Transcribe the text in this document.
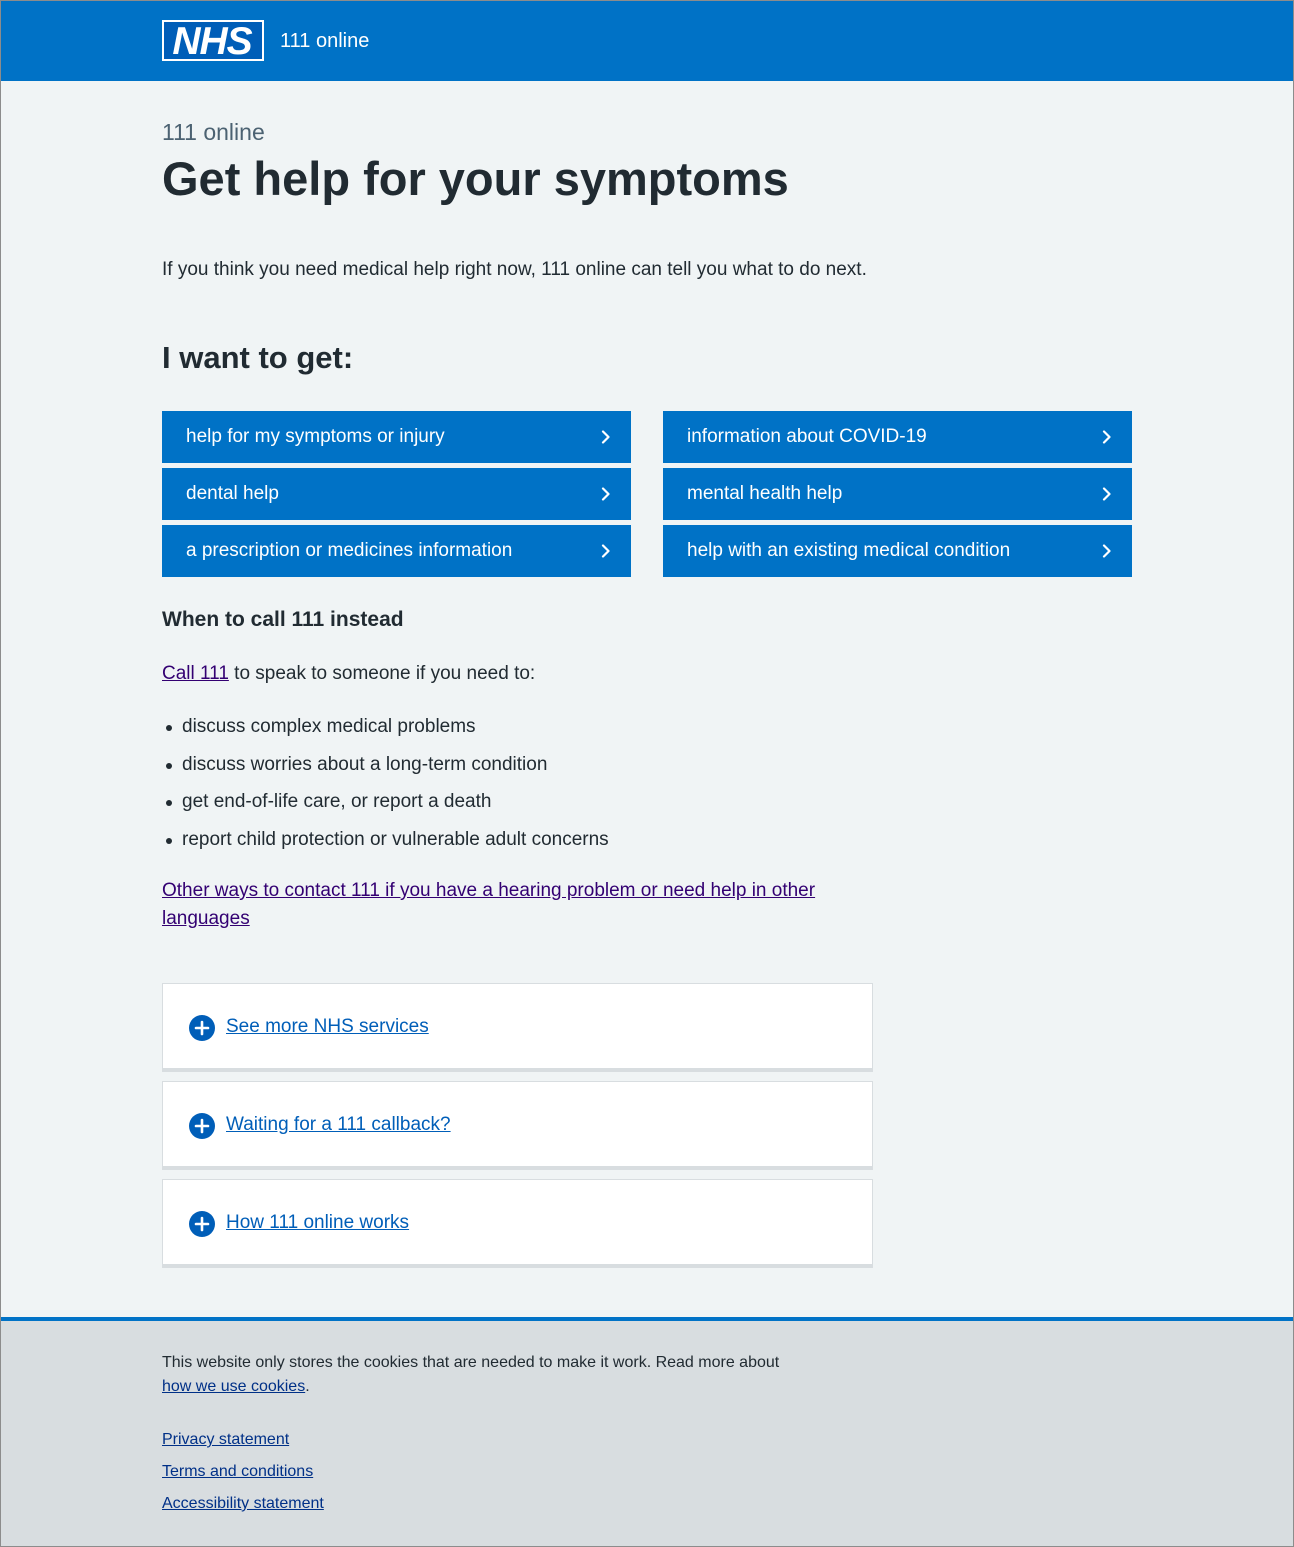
NHS 111 online
111 online
Get help for your symptoms

If you think you need medical help right now, 111 online can tell you what to do next.

I want to get:
help for my symptoms or injury	information about COVID-19
dental help	mental health help
a prescription or medicines information	help with an existing medical condition
When to call 111 instead

Call 111 to speak to someone if you need to:

discuss complex medical problems
discuss worries about a long-term condition
get end-of-life care, or report a death
report child protection or vulnerable adult concerns

Other ways to contact 111 if you have a hearing problem or need help in other languages

See more NHS services
Waiting for a 111 callback?
How 111 online works

This website only stores the cookies that are needed to make it work. Read more about how we use cookies.

Privacy statement
Terms and conditions
Accessibility statement
